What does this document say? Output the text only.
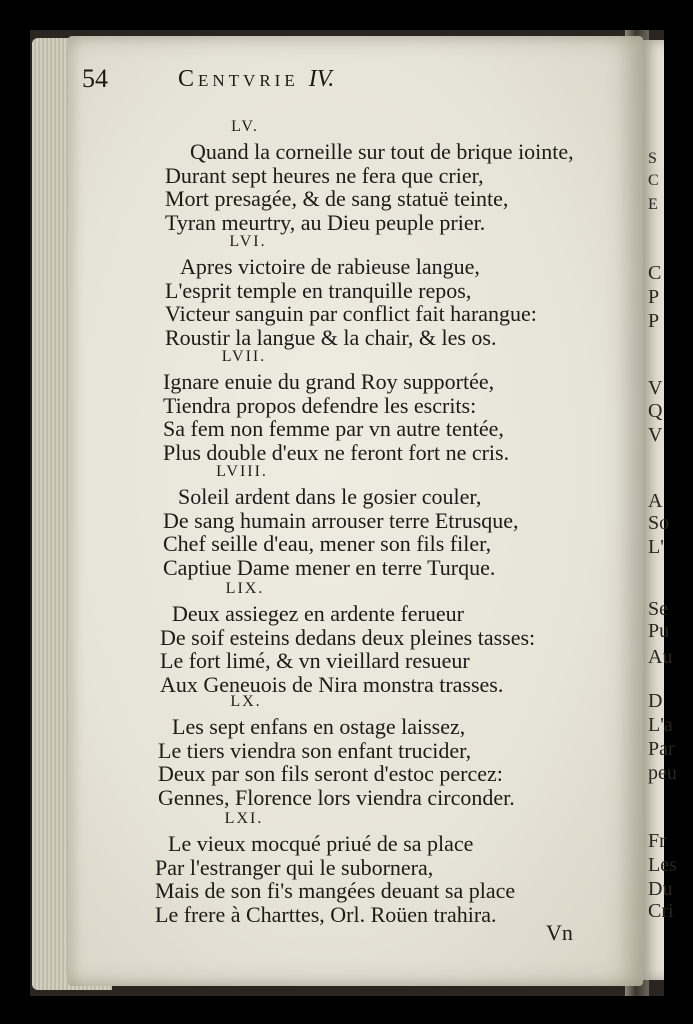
54	Centvrie IV.
LV.
Quand la corneille sur tout de brique iointe,
Durant sept heures ne fera que crier,
Mort presagée, & de sang statuë teinte,
Tyran meurtry, au Dieu peuple prier.
LVI.
Apres victoire de rabieuse langue,
L'esprit temple en tranquille repos,
Victeur sanguin par conflict fait harangue:
Roustir la langue & la chair, & les os.
LVII.
Ignare enuie du grand Roy supportée,
Tiendra propos defendre les escrits:
Sa fem non femme par vn autre tentée,
Plus double d'eux ne feront fort ne cris.
LVIII.
Soleil ardent dans le gosier couler,
De sang humain arrouser terre Etrusque,
Chef seille d'eau, mener son fils filer,
Captiue Dame mener en terre Turque.
LIX.
Deux assiegez en ardente ferueur
De soif esteins dedans deux pleines tasses:
Le fort limé, & vn vieillard resueur
Aux Geneuois de Nira monstra trasses.
LX.
Les sept enfans en ostage laissez,
Le tiers viendra son enfant trucider,
Deux par son fils seront d'estoc percez:
Gennes, Florence lors viendra circonder.
LXI.
Le vieux mocqué priué de sa place
Par l'estranger qui le subornera,
Mais de son fi's mangées deuant sa place
Le frere à Charttes, Orl. Roüen trahira.
Vn
S
C
E
C
P
P
V
Q
V
A
So
L'
Se
Pu
Au
D
L'a
Par
peu
Fr
Les
Du
Cri
